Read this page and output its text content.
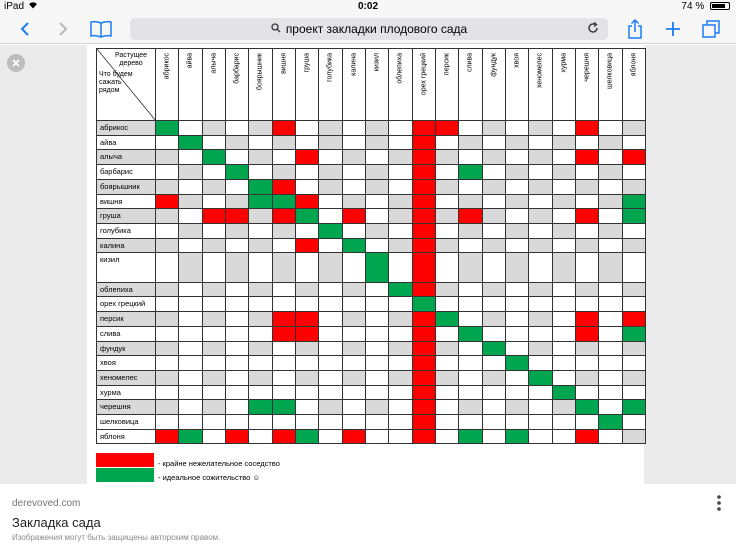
iPad	0:02	74 %
проект закладки плодового сада
Растущее дерево
Что будем сажать рядом
абрикос айва алыча барбарис боярышник вишня груша голубика калина кизил облепиха орех грецкий персик слива фундук хвоя хеномелес хурма черешня шелковица яблоня
абрикос
айва
алыча
барбарис
боярышник
вишня
груша
голубика
калина
кизил
облепиха
орех грецкий
персик
слива
фундук
хвоя
хеномелес
хурма
черешня
шелковица
яблоня
- крайне нежелательное соседство
- идеальное сожительство ☺
derevoved.com
Закладка сада
Изображения могут быть защищены авторским правом.
